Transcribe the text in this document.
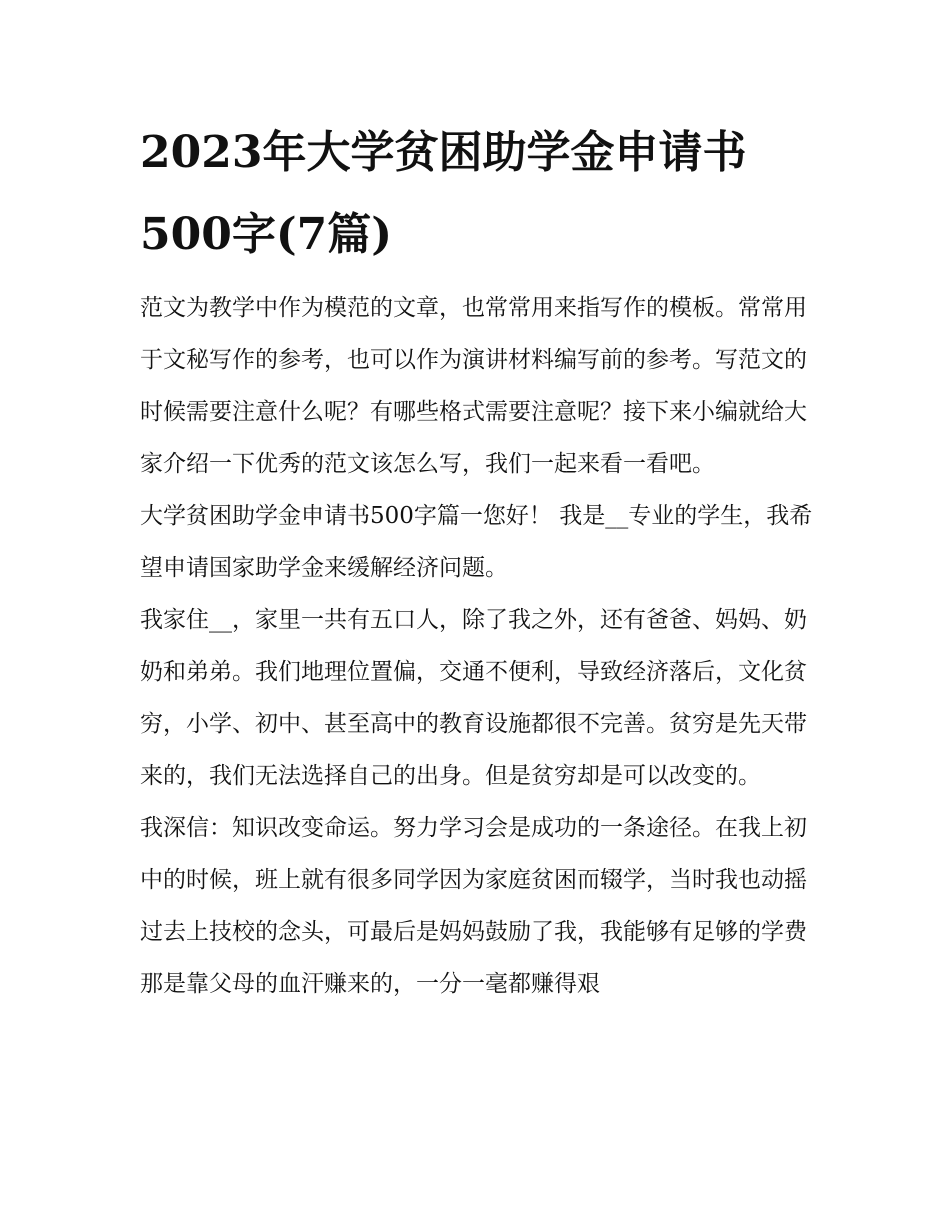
2023年大学贫困助学金申请书500字(7篇)

范文为教学中作为模范的文章，也常常用来指写作的模板。常常用于文秘写作的参考，也可以作为演讲材料编写前的参考。写范文的时候需要注意什么呢？有哪些格式需要注意呢？接下来小编就给大家介绍一下优秀的范文该怎么写，我们一起来看一看吧。

大学贫困助学金申请书500字篇一您好！ 我是__专业的学生，我希望申请国家助学金来缓解经济问题。

我家住__，家里一共有五口人，除了我之外，还有爸爸、妈妈、奶奶和弟弟。我们地理位置偏，交通不便利，导致经济落后，文化贫穷，小学、初中、甚至高中的教育设施都很不完善。贫穷是先天带来的，我们无法选择自己的出身。但是贫穷却是可以改变的。

我深信：知识改变命运。努力学习会是成功的一条途径。在我上初中的时候，班上就有很多同学因为家庭贫困而辍学，当时我也动摇过去上技校的念头，可最后是妈妈鼓励了我，我能够有足够的学费那是靠父母的血汗赚来的，一分一毫都赚得艰
